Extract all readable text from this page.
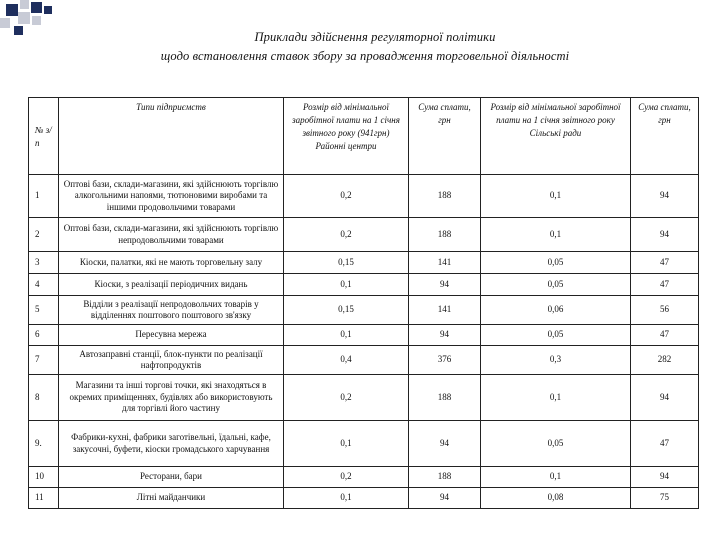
Приклади здійснення регуляторної політики
щодо встановлення ставок збору за провадження торговельної діяльності
№ з/п	Типи підприємств	Розмір від мінімальної заробітної плати на 1 січня звітного року (941грн) Районні центри	Сума сплати, грн	Розмір від мінімальної заробітної плати на 1 січня звітного року Сільські ради	Сума сплати, грн
1	Оптові бази, склади-магазини, які здійснюють торгівлю алкогольними напоями, тютюновими виробами та іншими продовольчими товарами	0,2	188	0,1	94
2	Оптові бази, склади-магазини, які здійснюють торгівлю непродовольчими товарами	0,2	188	0,1	94
3	Кіоски, палатки, які не мають торговельну залу	0,15	141	0,05	47
4	Кіоски, з реалізації періодичних видань	0,1	94	0,05	47
5	Відділи з реалізації непродовольчих товарів у відділеннях поштового поштового зв'язку	0,15	141	0,06	56
6	Пересувна мережа	0,1	94	0,05	47
7	Автозаправні станції, блок-пункти по реалізації нафтопродуктів	0,4	376	0,3	282
8	Магазини та інші торгові точки, які знаходяться в окремих приміщеннях, будівлях або використовують для торгівлі його частину	0,2	188	0,1	94
9.	Фабрики-кухні, фабрики заготівельні, їдальні, кафе, закусочні, буфети, кіоски громадського харчування	0,1	94	0,05	47
10	Ресторани, бари	0,2	188	0,1	94
11	Літні майданчики	0,1	94	0,08	75
